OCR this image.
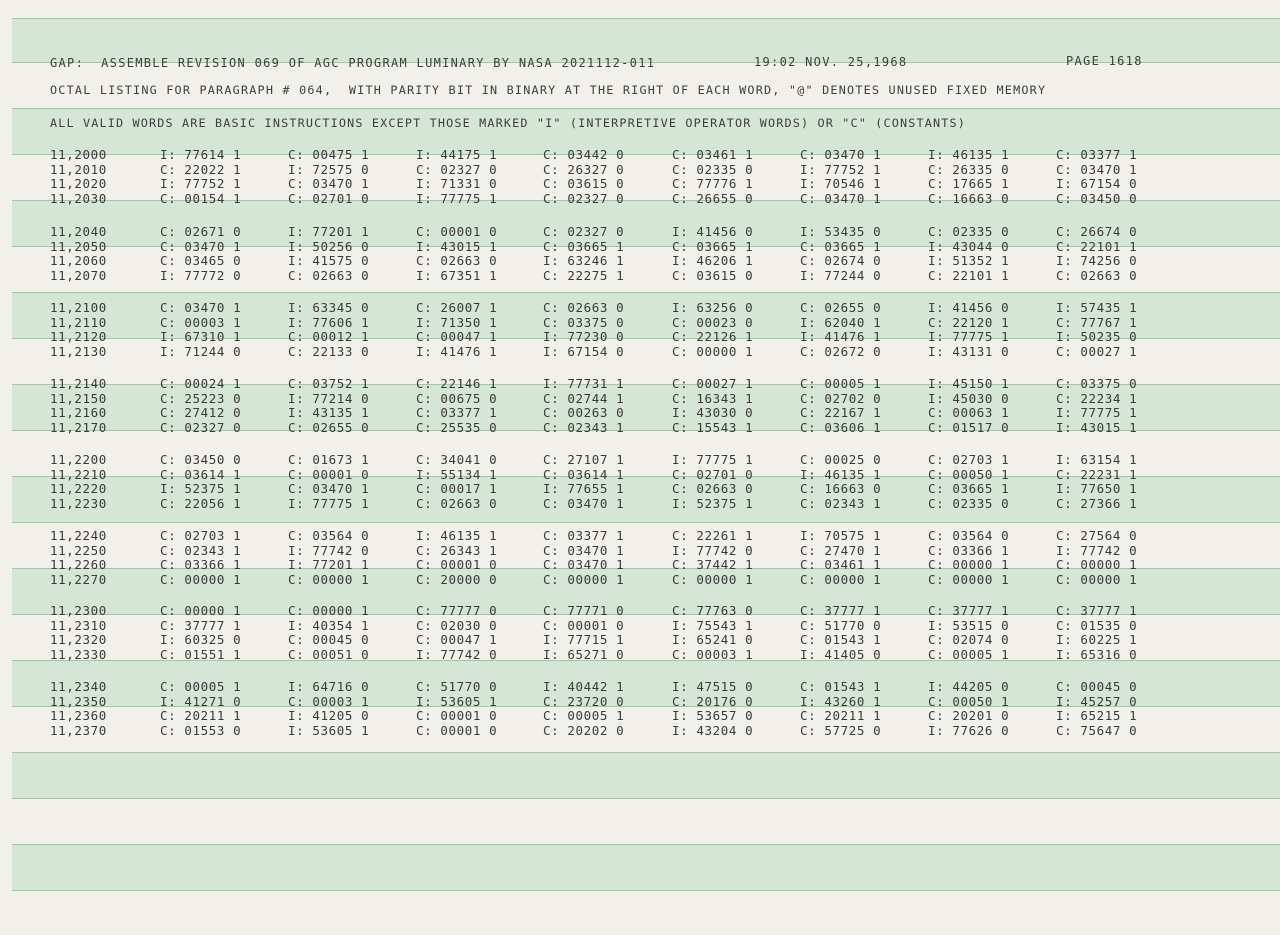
GAP:  ASSEMBLE REVISION 069 OF AGC PROGRAM LUMINARY BY NASA 2021112-011	19:02 NOV. 25,1968	PAGE 1618
OCTAL LISTING FOR PARAGRAPH # 064,  WITH PARITY BIT IN BINARY AT THE RIGHT OF EACH WORD, "@" DENOTES UNUSED FIXED MEMORY
ALL VALID WORDS ARE BASIC INSTRUCTIONS EXCEPT THOSE MARKED "I" (INTERPRETIVE OPERATOR WORDS) OR "C" (CONSTANTS)
11,2000	I: 77614 1	C: 00475 1	I: 44175 1	C: 03442 0	C: 03461 1	C: 03470 1	I: 46135 1	C: 03377 1
11,2010	C: 22022 1	I: 72575 0	C: 02327 0	C: 26327 0	C: 02335 0	I: 77752 1	C: 26335 0	C: 03470 1
11,2020	I: 77752 1	C: 03470 1	I: 71331 0	C: 03615 0	C: 77776 1	I: 70546 1	C: 17665 1	I: 67154 0
11,2030	C: 00154 1	C: 02701 0	I: 77775 1	C: 02327 0	C: 26655 0	C: 03470 1	C: 16663 0	C: 03450 0
11,2040	C: 02671 0	I: 77201 1	C: 00001 0	C: 02327 0	I: 41456 0	I: 53435 0	C: 02335 0	C: 26674 0
11,2050	C: 03470 1	I: 50256 0	I: 43015 1	C: 03665 1	C: 03665 1	C: 03665 1	I: 43044 0	C: 22101 1
11,2060	C: 03465 0	I: 41575 0	C: 02663 0	I: 63246 1	I: 46206 1	C: 02674 0	I: 51352 1	I: 74256 0
11,2070	I: 77772 0	C: 02663 0	I: 67351 1	C: 22275 1	C: 03615 0	I: 77244 0	C: 22101 1	C: 02663 0
11,2100	C: 03470 1	I: 63345 0	C: 26007 1	C: 02663 0	I: 63256 0	C: 02655 0	I: 41456 0	I: 57435 1
11,2110	C: 00003 1	I: 77606 1	I: 71350 1	C: 03375 0	C: 00023 0	I: 62040 1	C: 22120 1	C: 77767 1
11,2120	I: 67310 1	C: 00012 1	C: 00047 1	I: 77230 0	C: 22126 1	I: 41476 1	I: 77775 1	I: 50235 0
11,2130	I: 71244 0	C: 22133 0	I: 41476 1	I: 67154 0	C: 00000 1	C: 02672 0	I: 43131 0	C: 00027 1
11,2140	C: 00024 1	C: 03752 1	C: 22146 1	I: 77731 1	C: 00027 1	C: 00005 1	I: 45150 1	C: 03375 0
11,2150	C: 25223 0	I: 77214 0	C: 00675 0	C: 02744 1	C: 16343 1	C: 02702 0	I: 45030 0	C: 22234 1
11,2160	C: 27412 0	I: 43135 1	C: 03377 1	C: 00263 0	I: 43030 0	C: 22167 1	C: 00063 1	I: 77775 1
11,2170	C: 02327 0	C: 02655 0	C: 25535 0	C: 02343 1	C: 15543 1	C: 03606 1	C: 01517 0	I: 43015 1
11,2200	C: 03450 0	C: 01673 1	C: 34041 0	C: 27107 1	I: 77775 1	C: 00025 0	C: 02703 1	I: 63154 1
11,2210	C: 03614 1	C: 00001 0	I: 55134 1	C: 03614 1	C: 02701 0	I: 46135 1	C: 00050 1	C: 22231 1
11,2220	I: 52375 1	C: 03470 1	C: 00017 1	I: 77655 1	C: 02663 0	C: 16663 0	C: 03665 1	I: 77650 1
11,2230	C: 22056 1	I: 77775 1	C: 02663 0	C: 03470 1	I: 52375 1	C: 02343 1	C: 02335 0	C: 27366 1
11,2240	C: 02703 1	C: 03564 0	I: 46135 1	C: 03377 1	C: 22261 1	I: 70575 1	C: 03564 0	C: 27564 0
11,2250	C: 02343 1	I: 77742 0	C: 26343 1	C: 03470 1	I: 77742 0	C: 27470 1	C: 03366 1	I: 77742 0
11,2260	C: 03366 1	I: 77201 1	C: 00001 0	C: 03470 1	C: 37442 1	C: 03461 1	C: 00000 1	C: 00000 1
11,2270	C: 00000 1	C: 00000 1	C: 20000 0	C: 00000 1	C: 00000 1	C: 00000 1	C: 00000 1	C: 00000 1
11,2300	C: 00000 1	C: 00000 1	C: 77777 0	C: 77771 0	C: 77763 0	C: 37777 1	C: 37777 1	C: 37777 1
11,2310	C: 37777 1	I: 40354 1	C: 02030 0	C: 00001 0	I: 75543 1	C: 51770 0	I: 53515 0	C: 01535 0
11,2320	I: 60325 0	C: 00045 0	C: 00047 1	I: 77715 1	I: 65241 0	C: 01543 1	C: 02074 0	I: 60225 1
11,2330	C: 01551 1	C: 00051 0	I: 77742 0	I: 65271 0	C: 00003 1	I: 41405 0	C: 00005 1	I: 65316 0
11,2340	C: 00005 1	I: 64716 0	C: 51770 0	I: 40442 1	I: 47515 0	C: 01543 1	I: 44205 0	C: 00045 0
11,2350	I: 41271 0	C: 00003 1	I: 53605 1	C: 23720 0	C: 20176 0	I: 43260 1	C: 00050 1	I: 45257 0
11,2360	C: 20211 1	I: 41205 0	C: 00001 0	C: 00005 1	I: 53657 0	C: 20211 1	C: 20201 0	I: 65215 1
11,2370	C: 01553 0	I: 53605 1	C: 00001 0	C: 20202 0	I: 43204 0	C: 57725 0	I: 77626 0	C: 75647 0
